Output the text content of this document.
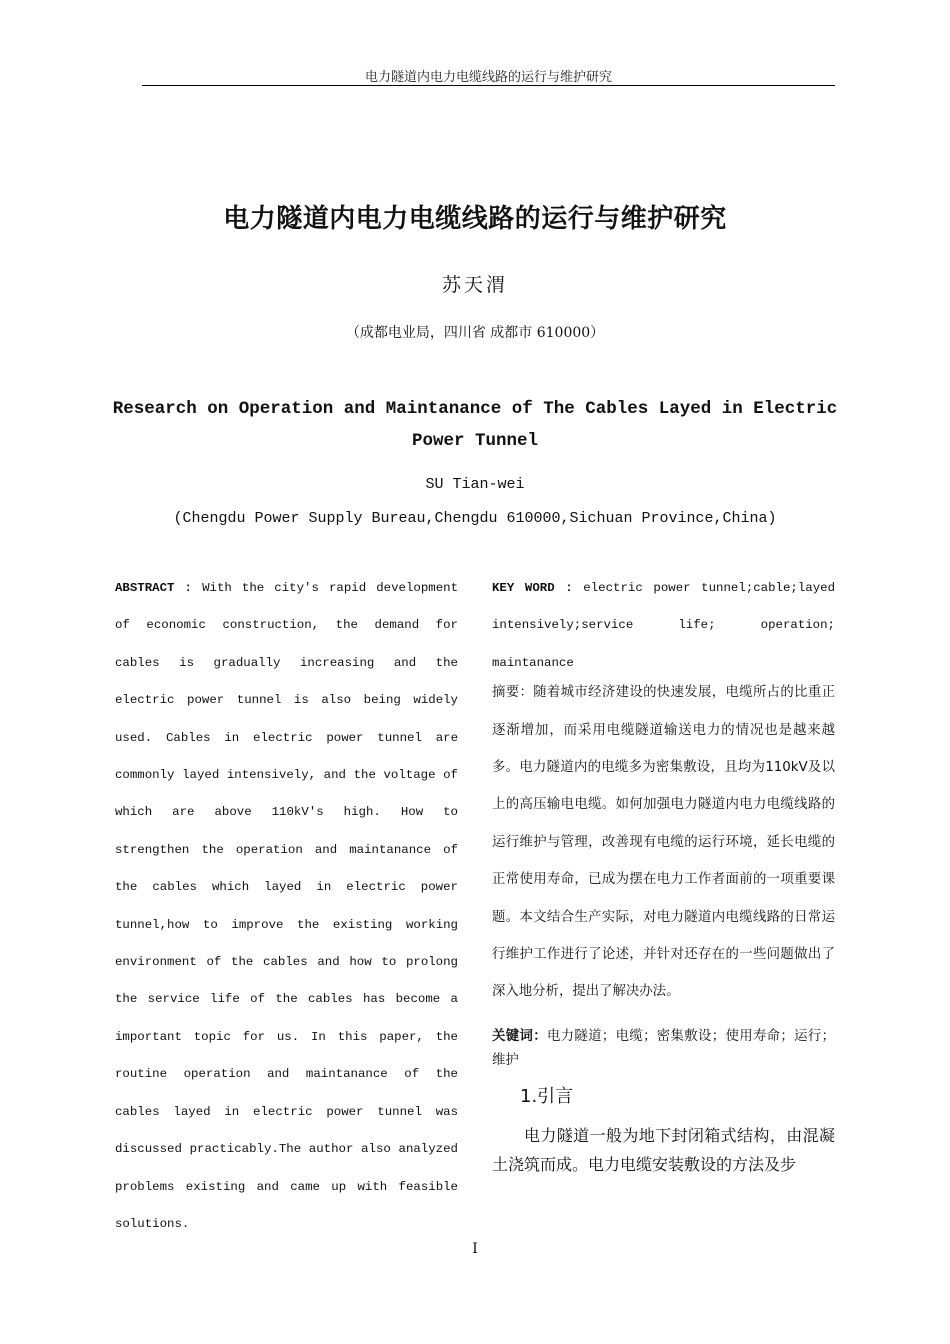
电力隧道内电力电缆线路的运行与维护研究
电力隧道内电力电缆线路的运行与维护研究
苏天渭
（成都电业局，四川省 成都市 610000）
Research on Operation and Maintanance of The Cables Layed in Electric Power Tunnel
SU Tian-wei
(Chengdu Power Supply Bureau,Chengdu 610000,Sichuan Province,China)

ABSTRACT : With the city's rapid development of economic construction, the demand for cables is gradually increasing and the electric power tunnel is also being widely used. Cables in electric power tunnel are commonly layed intensively, and the voltage of which are above 110kV's high. How to strengthen the operation and maintanance of the cables which layed in electric power tunnel,how to improve the existing working environment of the cables and how to prolong the service life of the cables has become a important topic for us. In this paper, the routine operation and maintanance of the cables layed in electric power tunnel was discussed practicably.The author also analyzed problems existing and came up with feasible solutions.

KEY WORD : electric power tunnel;cable;layed intensively;service life; operation; maintanance

摘要：随着城市经济建设的快速发展，电缆所占的比重正逐渐增加，而采用电缆隧道输送电力的情况也是越来越多。电力隧道内的电缆多为密集敷设，且均为110kV及以上的高压输电电缆。如何加强电力隧道内电力电缆线路的运行维护与管理，改善现有电缆的运行环境，延长电缆的正常使用寿命，已成为摆在电力工作者面前的一项重要课题。本文结合生产实际，对电力隧道内电缆线路的日常运行维护工作进行了论述，并针对还存在的一些问题做出了深入地分析，提出了解决办法。

关键词：电力隧道；电缆；密集敷设；使用寿命；运行；维护

1.引言

电力隧道一般为地下封闭箱式结构，由混凝土浇筑而成。电力电缆安装敷设的方法及步

I
